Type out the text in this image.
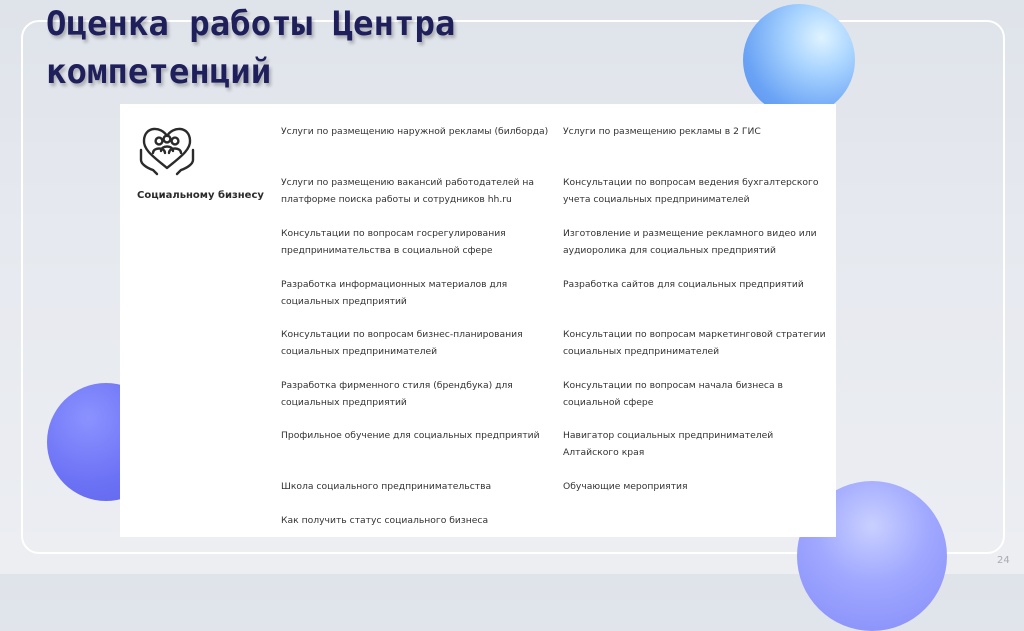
Оценка работы Центра
компетенций
Социальному бизнесу
Услуги по размещению наружной рекламы (билборда)
Услуги по размещению вакансий работодателей на платформе поиска работы и сотрудников hh.ru
Консультации по вопросам госрегулирования предпринимательства в социальной сфере
Разработка информационных материалов для социальных предприятий
Консультации по вопросам бизнес-планирования социальных предпринимателей
Разработка фирменного стиля (брендбука) для социальных предприятий
Профильное обучение для социальных предприятий
Школа социального предпринимательства
Как получить статус социального бизнеса
Услуги по размещению рекламы в 2 ГИС
Консультации по вопросам ведения бухгалтерского учета социальных предпринимателей
Изготовление и размещение рекламного видео или аудиоролика для социальных предприятий
Разработка сайтов для социальных предприятий
Консультации по вопросам маркетинговой стратегии социальных предпринимателей
Консультации по вопросам начала бизнеса в социальной сфере
Навигатор социальных предпринимателей Алтайского края
Обучающие мероприятия
24
